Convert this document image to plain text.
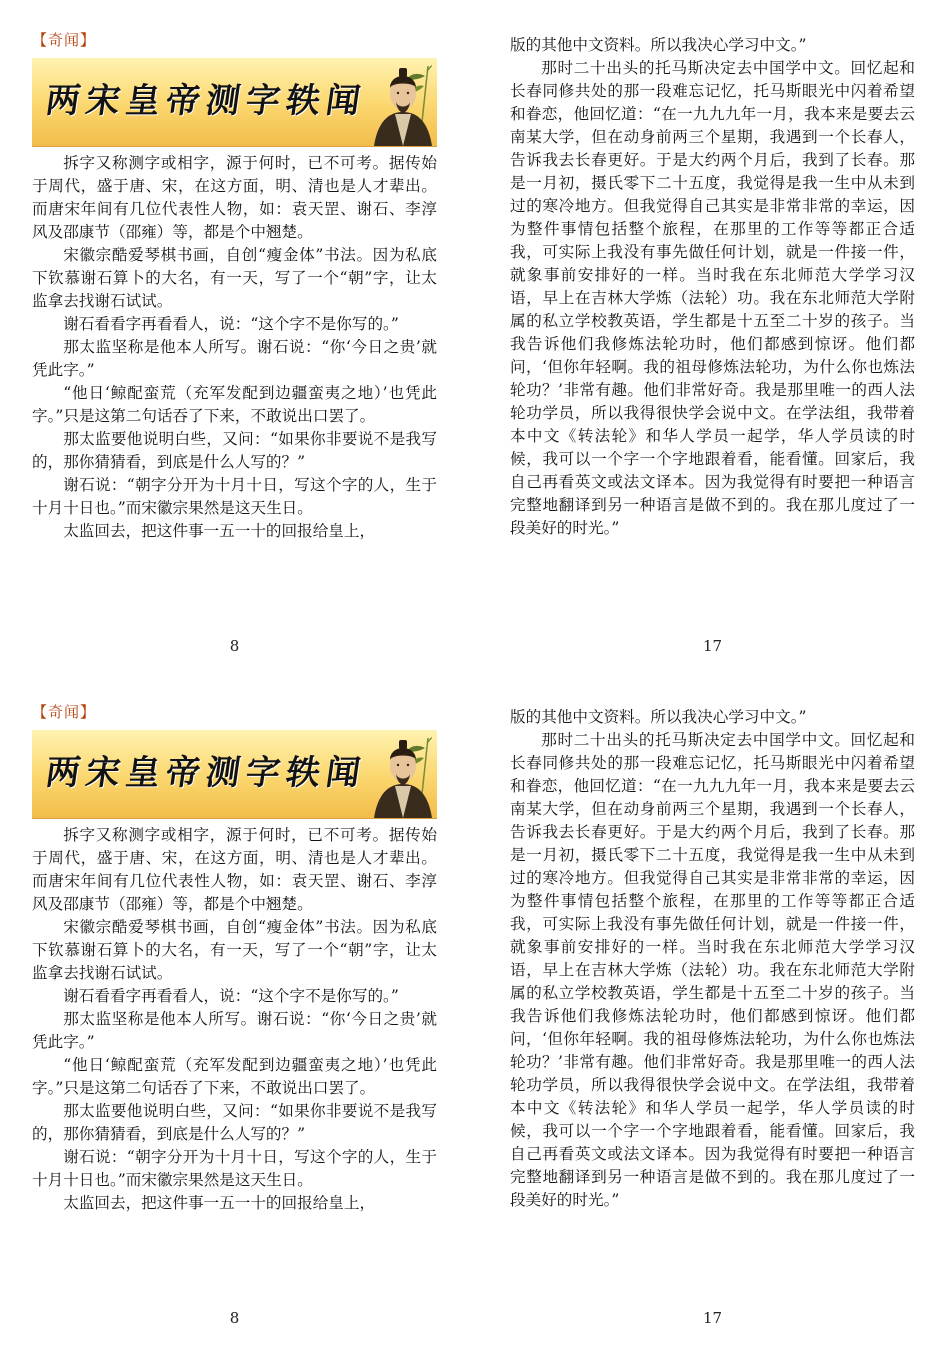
【奇闻】
两宋皇帝测字轶闻

拆字又称测字或相字，源于何时，已不可考。据传始于周代，盛于唐、宋，在这方面，明、清也是人才辈出。而唐宋年间有几位代表性人物，如：袁天罡、谢石、李淳风及邵康节（邵雍）等，都是个中翘楚。

宋徽宗酷爱琴棋书画，自创“瘦金体”书法。因为私底下钦慕谢石算卜的大名，有一天，写了一个“朝”字，让太监拿去找谢石试试。

谢石看看字再看看人，说：“这个字不是你写的。”

那太监坚称是他本人所写。谢石说：“你‘今日之贵’就凭此字。”

“他日‘鲸配蛮荒（充军发配到边疆蛮夷之地）’也凭此字。”只是这第二句话吞了下来，不敢说出口罢了。

那太监要他说明白些，又问：“如果你非要说不是我写的，那你猜猜看，到底是什么人写的？”

谢石说：“朝字分开为十月十日，写这个字的人，生于十月十日也。”而宋徽宗果然是这天生日。

太监回去，把这件事一五一十的回报给皇上，

8

版的其他中文资料。所以我决心学习中文。”

那时二十出头的托马斯决定去中国学中文。回忆起和长春同修共处的那一段难忘记忆，托马斯眼光中闪着希望和眷恋，他回忆道：“在一九九九年一月，我本来是要去云南某大学，但在动身前两三个星期，我遇到一个长春人，告诉我去长春更好。于是大约两个月后，我到了长春。那是一月初，摄氏零下二十五度，我觉得是我一生中从未到过的寒冷地方。但我觉得自己其实是非常非常的幸运，因为整件事情包括整个旅程，在那里的工作等等都正合适我，可实际上我没有事先做任何计划，就是一件接一件，就象事前安排好的一样。当时我在东北师范大学学习汉语，早上在吉林大学炼（法轮）功。我在东北师范大学附属的私立学校教英语，学生都是十五至二十岁的孩子。当我告诉他们我修炼法轮功时，他们都感到惊讶。他们都问，‘但你年轻啊。我的祖母修炼法轮功，为什么你也炼法轮功？’非常有趣。他们非常好奇。我是那里唯一的西人法轮功学员，所以我得很快学会说中文。在学法组，我带着本中文《转法轮》和华人学员一起学，华人学员读的时候，我可以一个字一个字地跟着看，能看懂。回家后，我自己再看英文或法文译本。因为我觉得有时要把一种语言完整地翻译到另一种语言是做不到的。我在那儿度过了一段美好的时光。”

17
【奇闻】
两宋皇帝测字轶闻

拆字又称测字或相字，源于何时，已不可考。据传始于周代，盛于唐、宋，在这方面，明、清也是人才辈出。而唐宋年间有几位代表性人物，如：袁天罡、谢石、李淳风及邵康节（邵雍）等，都是个中翘楚。

宋徽宗酷爱琴棋书画，自创“瘦金体”书法。因为私底下钦慕谢石算卜的大名，有一天，写了一个“朝”字，让太监拿去找谢石试试。

谢石看看字再看看人，说：“这个字不是你写的。”

那太监坚称是他本人所写。谢石说：“你‘今日之贵’就凭此字。”

“他日‘鲸配蛮荒（充军发配到边疆蛮夷之地）’也凭此字。”只是这第二句话吞了下来，不敢说出口罢了。

那太监要他说明白些，又问：“如果你非要说不是我写的，那你猜猜看，到底是什么人写的？”

谢石说：“朝字分开为十月十日，写这个字的人，生于十月十日也。”而宋徽宗果然是这天生日。

太监回去，把这件事一五一十的回报给皇上，

8

版的其他中文资料。所以我决心学习中文。”

那时二十出头的托马斯决定去中国学中文。回忆起和长春同修共处的那一段难忘记忆，托马斯眼光中闪着希望和眷恋，他回忆道：“在一九九九年一月，我本来是要去云南某大学，但在动身前两三个星期，我遇到一个长春人，告诉我去长春更好。于是大约两个月后，我到了长春。那是一月初，摄氏零下二十五度，我觉得是我一生中从未到过的寒冷地方。但我觉得自己其实是非常非常的幸运，因为整件事情包括整个旅程，在那里的工作等等都正合适我，可实际上我没有事先做任何计划，就是一件接一件，就象事前安排好的一样。当时我在东北师范大学学习汉语，早上在吉林大学炼（法轮）功。我在东北师范大学附属的私立学校教英语，学生都是十五至二十岁的孩子。当我告诉他们我修炼法轮功时，他们都感到惊讶。他们都问，‘但你年轻啊。我的祖母修炼法轮功，为什么你也炼法轮功？’非常有趣。他们非常好奇。我是那里唯一的西人法轮功学员，所以我得很快学会说中文。在学法组，我带着本中文《转法轮》和华人学员一起学，华人学员读的时候，我可以一个字一个字地跟着看，能看懂。回家后，我自己再看英文或法文译本。因为我觉得有时要把一种语言完整地翻译到另一种语言是做不到的。我在那儿度过了一段美好的时光。”

17
